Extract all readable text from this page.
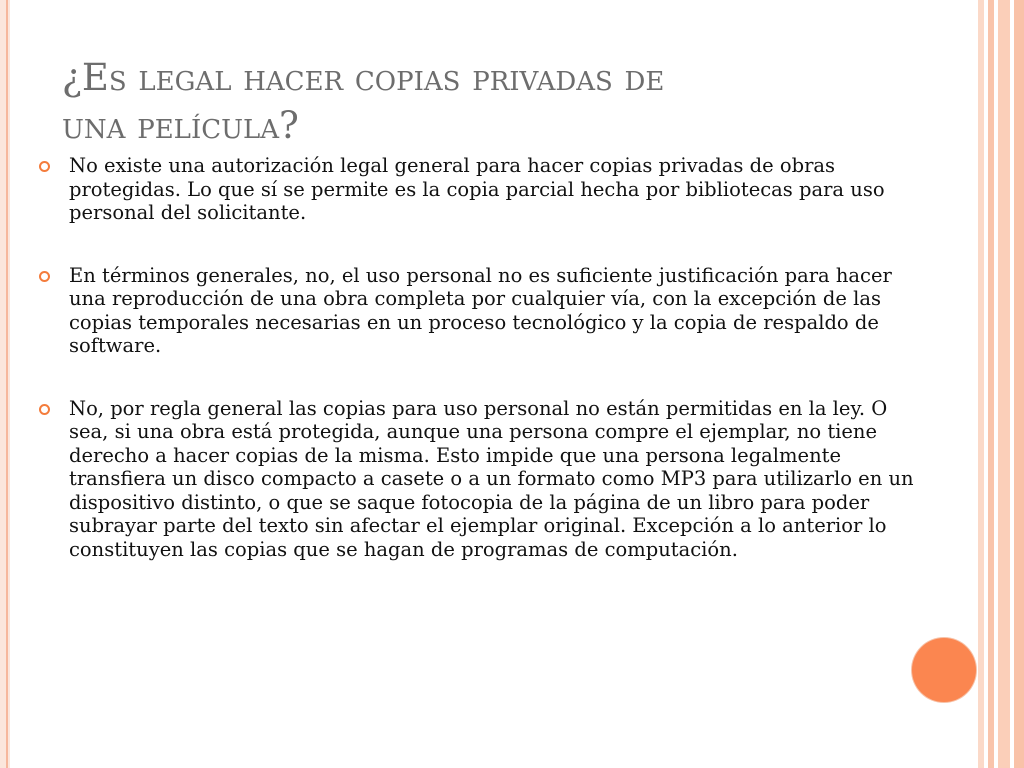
¿Es legal hacer copias privadas de
una película?
No existe una autorización legal general para hacer copias privadas de obras protegidas. Lo que sí se permite es la copia parcial hecha por bibliotecas para uso personal del solicitante.
En términos generales, no, el uso personal no es suficiente justificación para hacer una reproducción de una obra completa por cualquier vía, con la excepción de las copias temporales necesarias en un proceso tecnológico y la copia de respaldo de software.
No, por regla general las copias para uso personal no están permitidas en la ley. O sea, si una obra está protegida, aunque una persona compre el ejemplar, no tiene derecho a hacer copias de la misma. Esto impide que una persona legalmente transfiera un disco compacto a casete o a un formato como MP3 para utilizarlo en un dispositivo distinto, o que se saque fotocopia de la página de un libro para poder subrayar parte del texto sin afectar el ejemplar original. Excepción a lo anterior lo constituyen las copias que se hagan de programas de computación.
